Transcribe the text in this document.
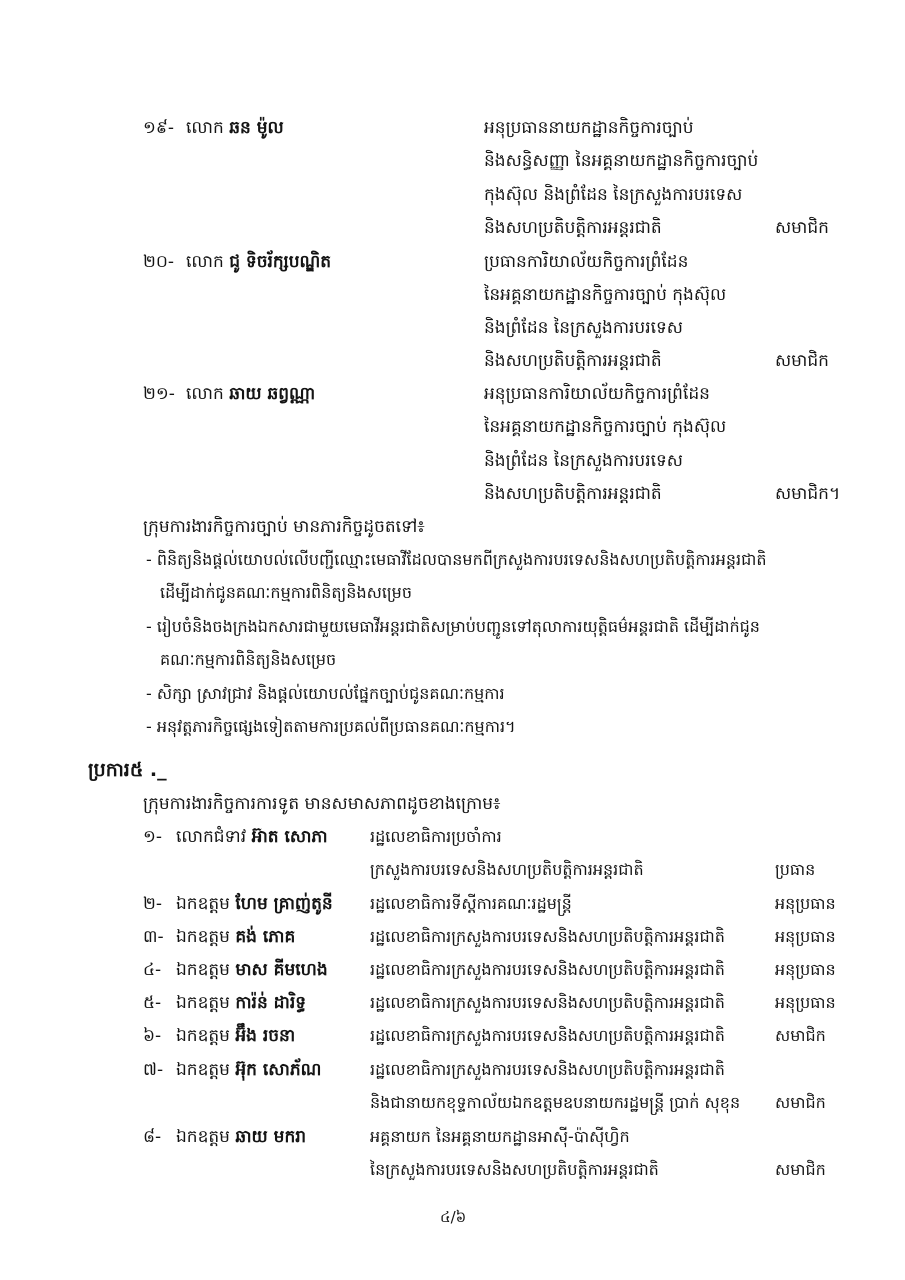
១៩- លោក ឆន ម៉ូល	អនុប្រធាននាយកដ្ឋានកិច្ចការច្បាប់
និងសន្ធិសញ្ញា នៃអគ្គនាយកដ្ឋានកិច្ចការច្បាប់
កុងស៊ុល និងព្រំដែន នៃក្រសួងការបរទេស
និងសហប្រតិបត្តិការអន្តរជាតិ	សមាជិក
២០- លោក ជូ ទិចរ័ក្សបណ្ឌិត	ប្រធានការិយាល័យកិច្ចការព្រំដែន
នៃអគ្គនាយកដ្ឋានកិច្ចការច្បាប់ កុងស៊ុល
និងព្រំដែន នៃក្រសួងការបរទេស
និងសហប្រតិបត្តិការអន្តរជាតិ	សមាជិក
២១- លោក ឆាយ ឆព្វណ្ណា	អនុប្រធានការិយាល័យកិច្ចការព្រំដែន
នៃអគ្គនាយកដ្ឋានកិច្ចការច្បាប់ កុងស៊ុល
និងព្រំដែន នៃក្រសួងការបរទេស
និងសហប្រតិបត្តិការអន្តរជាតិ	សមាជិក។
ក្រុមការងារកិច្ចការច្បាប់ មានភារកិច្ចដូចតទៅ៖
- ពិនិត្យនិងផ្តល់យោបល់លើបញ្ជីឈ្មោះមេធាវីដែលបានមកពីក្រសួងការបរទេសនិងសហប្រតិបត្តិការអន្តរជាតិ
ដើម្បីដាក់ជូនគណៈកម្មការពិនិត្យនិងសម្រេច
- រៀបចំនិងចងក្រងឯកសារជាមួយមេធាវីអន្តរជាតិសម្រាប់បញ្ជូនទៅតុលាការយុត្តិធម៌អន្តរជាតិ ដើម្បីដាក់ជូន
គណៈកម្មការពិនិត្យនិងសម្រេច
- សិក្សា ស្រាវជ្រាវ និងផ្តល់យោបល់ផ្នែកច្បាប់ជូនគណៈកម្មការ
- អនុវត្តភារកិច្ចផ្សេងទៀតតាមការប្រគល់ពីប្រធានគណៈកម្មការ។
ប្រការ៥ ._
ក្រុមការងារកិច្ចការការទូត មានសមាសភាពដូចខាងក្រោម៖
១- លោកជំទាវ អ៊ាត សោភា	រដ្ឋលេខាធិការប្រចាំការ
ក្រសួងការបរទេសនិងសហប្រតិបត្តិការអន្តរជាតិ	ប្រធាន
២- ឯកឧត្តម ហែម គ្រាញ់តូនី រដ្ឋលេខាធិការទីស្តីការគណៈរដ្ឋមន្ត្រី	អនុប្រធាន
៣- ឯកឧត្តម គង់ ភោគ	រដ្ឋលេខាធិការក្រសួងការបរទេសនិងសហប្រតិបត្តិការអន្តរជាតិ	អនុប្រធាន
៤- ឯកឧត្តម មាស គីមហេង	រដ្ឋលេខាធិការក្រសួងការបរទេសនិងសហប្រតិបត្តិការអន្តរជាតិ	អនុប្រធាន
៥- ឯកឧត្តម ការ៉ន់ ដារិទ្ធ	រដ្ឋលេខាធិការក្រសួងការបរទេសនិងសហប្រតិបត្តិការអន្តរជាតិ	អនុប្រធាន
៦- ឯកឧត្តម អ៊ឹង រចនា	រដ្ឋលេខាធិការក្រសួងការបរទេសនិងសហប្រតិបត្តិការអន្តរជាតិ	សមាជិក
៧- ឯកឧត្តម អ៊ុក សោភ័ណ	រដ្ឋលេខាធិការក្រសួងការបរទេសនិងសហប្រតិបត្តិការអន្តរជាតិ
និងជានាយកខុទ្ទកាល័យឯកឧត្តមឧបនាយករដ្ឋមន្ត្រី ប្រាក់ សុខុន សមាជិក
៨- ឯកឧត្តម ឆាយ មករា	អគ្គនាយក នៃអគ្គនាយកដ្ឋានអាស៊ី-ប៉ាស៊ីហ្វិក
នៃក្រសួងការបរទេសនិងសហប្រតិបត្តិការអន្តរជាតិ	សមាជិក
៤/៦
